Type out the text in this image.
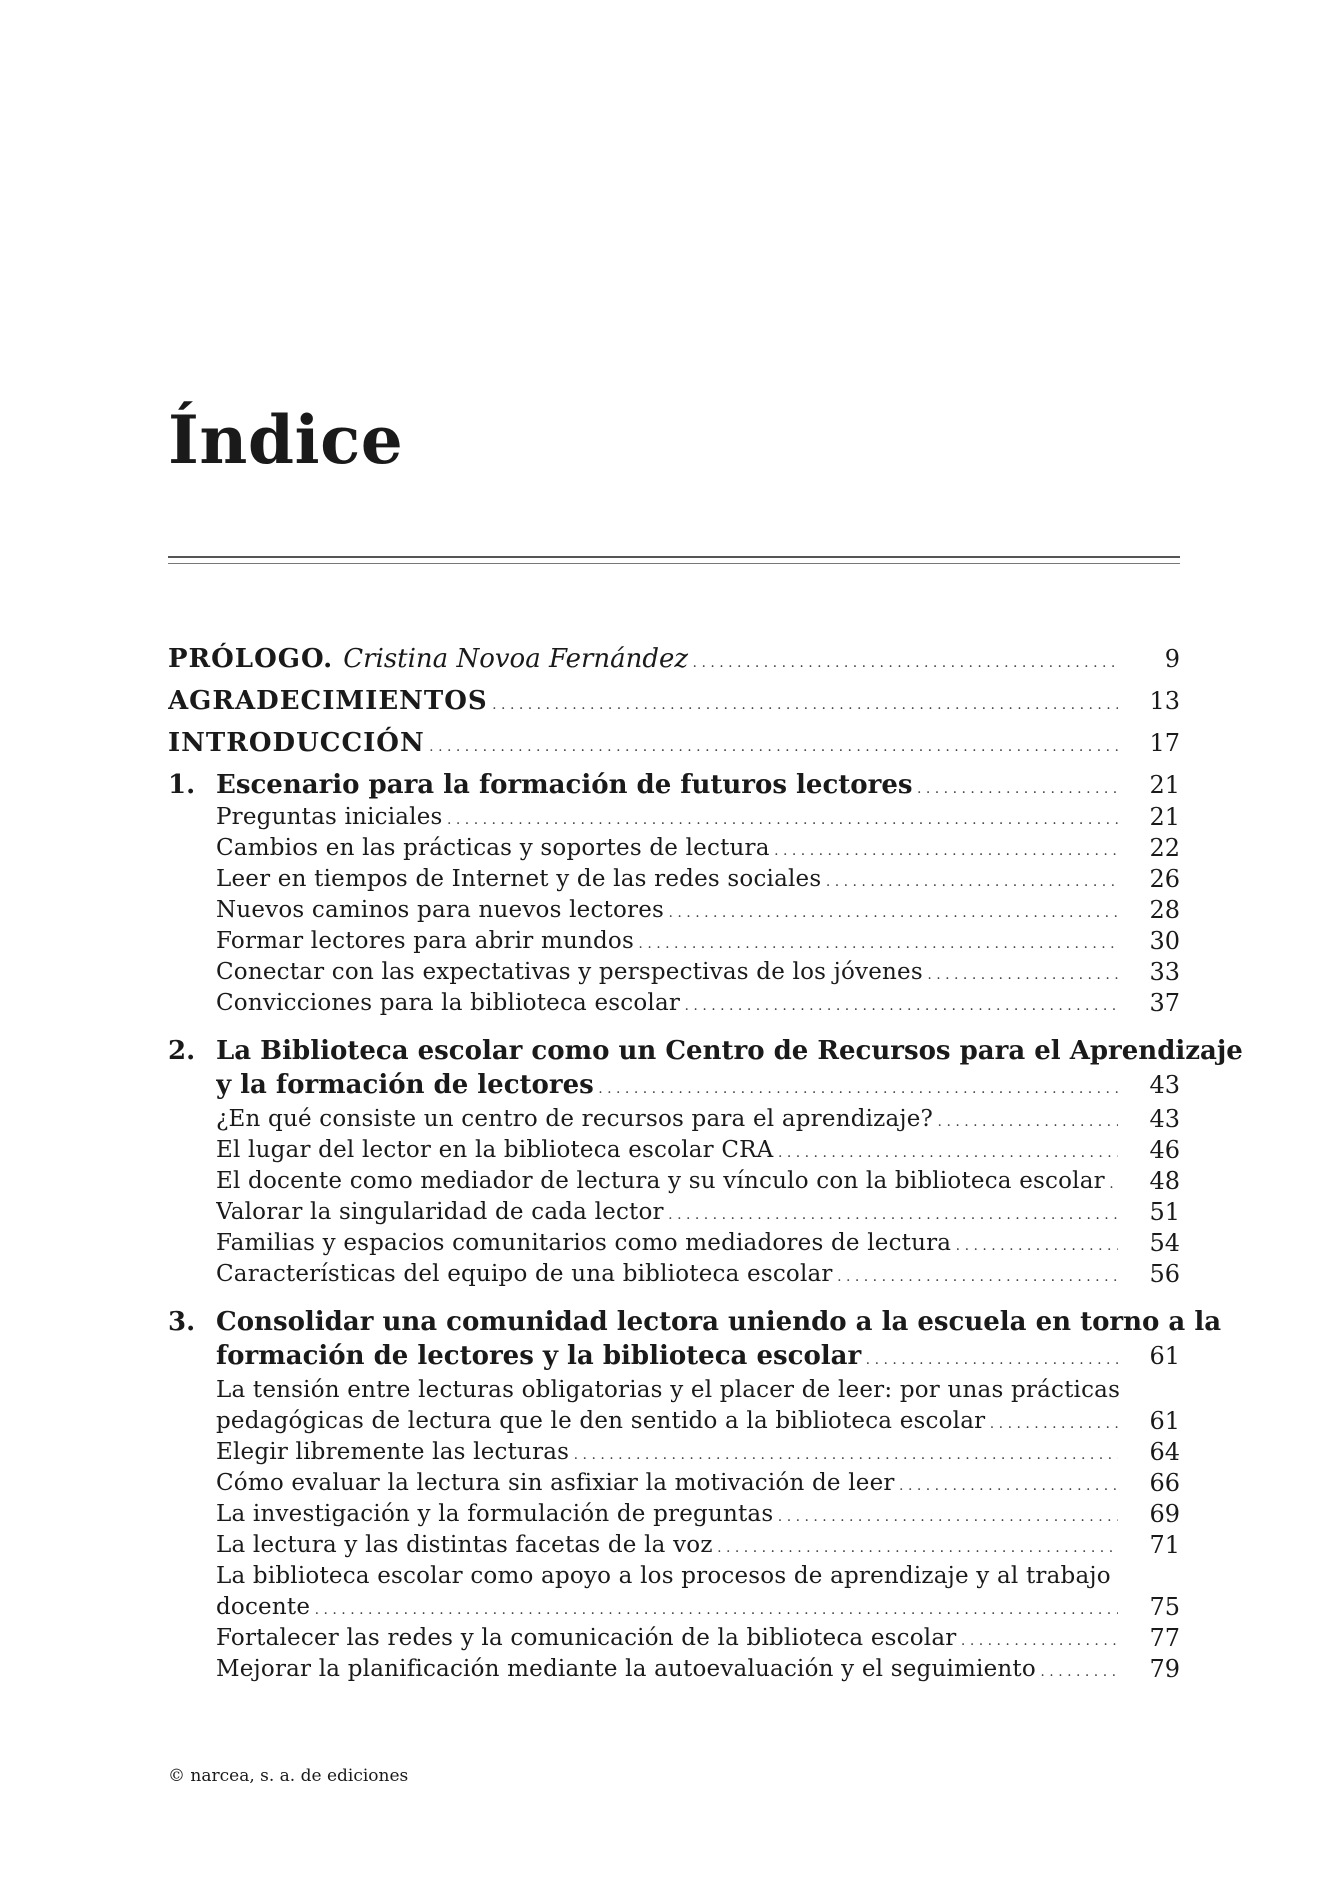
Índice
PRÓLOGO. Cristina Novoa Fernández . . .	9
AGRADECIMIENTOS . . .	13
INTRODUCCIÓN . . .	17
1. Escenario para la formación de futuros lectores . . .	21
Preguntas iniciales . . .	21
Cambios en las prácticas y soportes de lectura . . .	22
Leer en tiempos de Internet y de las redes sociales . . .	26
Nuevos caminos para nuevos lectores . . .	28
Formar lectores para abrir mundos . . .	30
Conectar con las expectativas y perspectivas de los jóvenes . . .	33
Convicciones para la biblioteca escolar . . .	37
2. La Biblioteca escolar como un Centro de Recursos para el Aprendizaje
y la formación de lectores . . .	43
¿En qué consiste un centro de recursos para el aprendizaje? . . .	43
El lugar del lector en la biblioteca escolar CRA . . .	46
El docente como mediador de lectura y su vínculo con la biblioteca escolar . . .	48
Valorar la singularidad de cada lector . . .	51
Familias y espacios comunitarios como mediadores de lectura . . .	54
Características del equipo de una biblioteca escolar . . .	56
3. Consolidar una comunidad lectora uniendo a la escuela en torno a la
formación de lectores y la biblioteca escolar . . .	61
La tensión entre lecturas obligatorias y el placer de leer: por unas prácticas
pedagógicas de lectura que le den sentido a la biblioteca escolar . . .	61
Elegir libremente las lecturas . . .	64
Cómo evaluar la lectura sin asfixiar la motivación de leer . . .	66
La investigación y la formulación de preguntas . . .	69
La lectura y las distintas facetas de la voz . . .	71
La biblioteca escolar como apoyo a los procesos de aprendizaje y al trabajo
docente . . .	75
Fortalecer las redes y la comunicación de la biblioteca escolar . . .	77
Mejorar la planificación mediante la autoevaluación y el seguimiento . . .	79
© narcea, s. a. de ediciones
